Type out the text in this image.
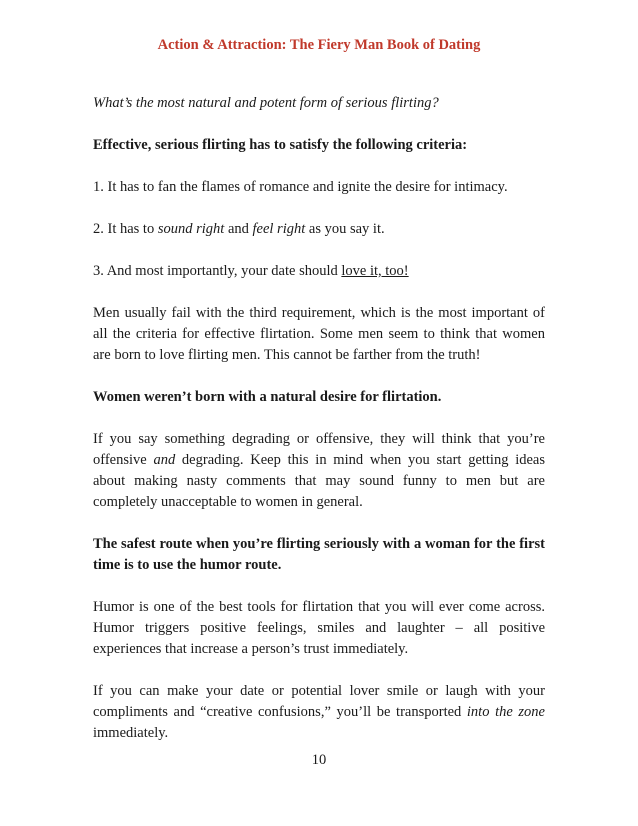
Action & Attraction: The Fiery Man Book of Dating

What’s the most natural and potent form of serious flirting?

Effective, serious flirting has to satisfy the following criteria:

1. It has to fan the flames of romance and ignite the desire for intimacy.

2. It has to sound right and feel right as you say it.

3. And most importantly, your date should love it, too!

Men usually fail with the third requirement, which is the most important of all the criteria for effective flirtation. Some men seem to think that women are born to love flirting men. This cannot be farther from the truth!

Women weren’t born with a natural desire for flirtation.

If you say something degrading or offensive, they will think that you’re offensive and degrading. Keep this in mind when you start getting ideas about making nasty comments that may sound funny to men but are completely unacceptable to women in general.

The safest route when you’re flirting seriously with a woman for the first time is to use the humor route.

Humor is one of the best tools for flirtation that you will ever come across. Humor triggers positive feelings, smiles and laughter – all positive experiences that increase a person’s trust immediately.

If you can make your date or potential lover smile or laugh with your compliments and “creative confusions,” you’ll be transported into the zone immediately.

10
